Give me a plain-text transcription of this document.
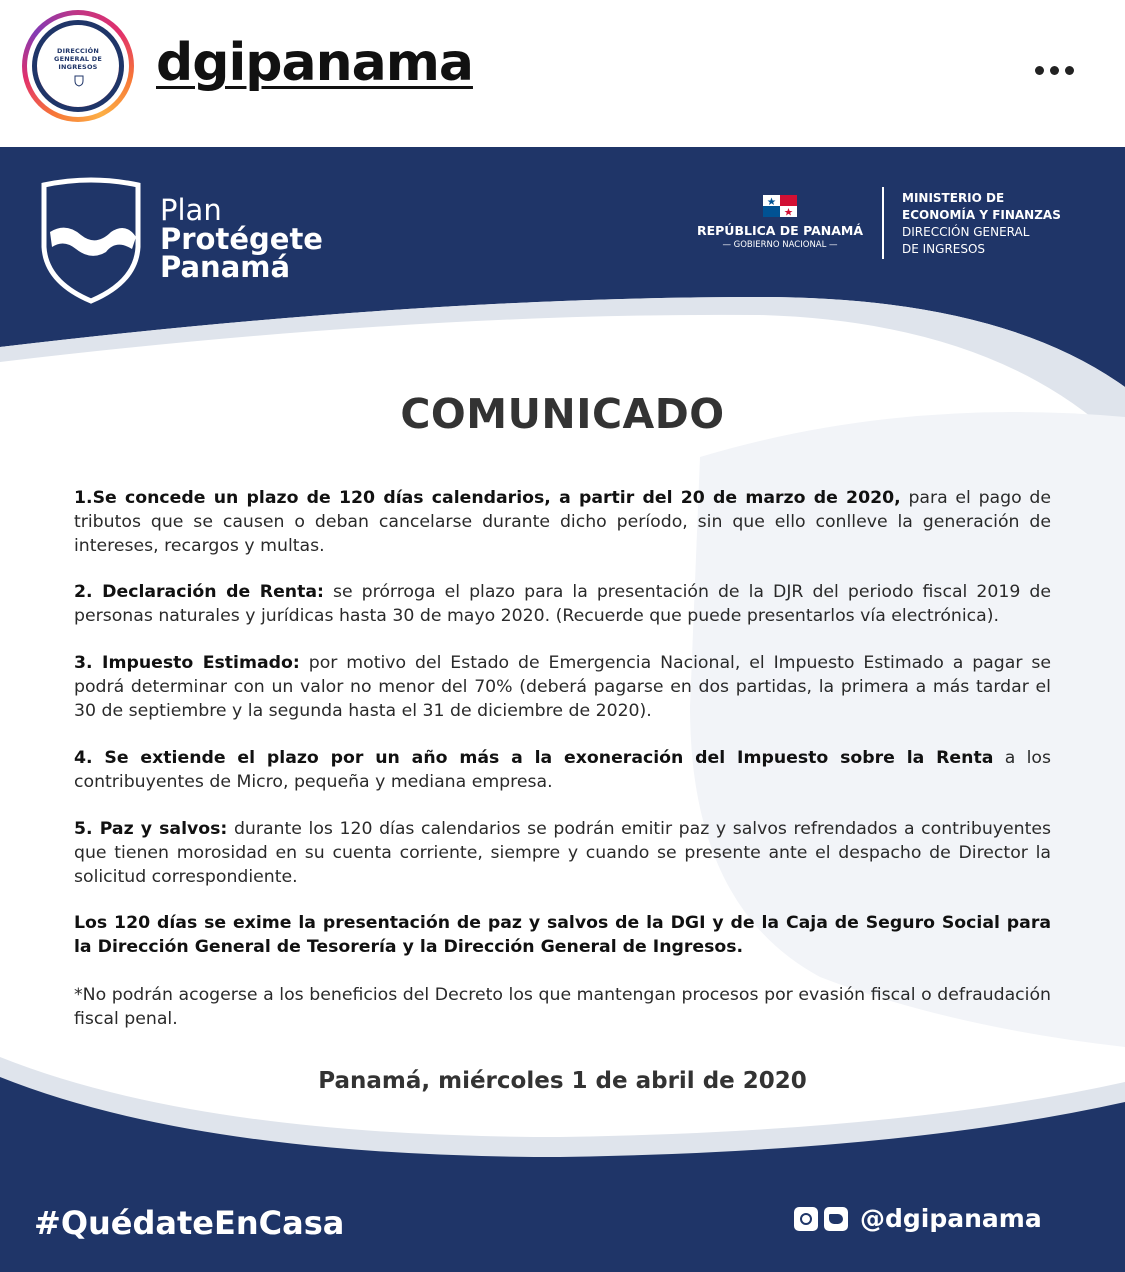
DIRECCIÓN
GENERAL DE
INGRESOS	dgipanama
Plan
Protégete
Panamá
REPÚBLICA DE PANAMÁ
— GOBIERNO NACIONAL —
MINISTERIO DE
ECONOMÍA Y FINANZAS
DIRECCIÓN GENERAL
DE INGRESOS
COMUNICADO
1.Se concede un plazo de 120 días calendarios, a partir del 20 de marzo de 2020, para el pago de tributos que se causen o deban cancelarse durante dicho período, sin que ello conlleve la generación de intereses, recargos y multas.
2. Declaración de Renta: se prórroga el plazo para la presentación de la DJR del periodo fiscal 2019 de personas naturales y jurídicas hasta 30 de mayo 2020. (Recuerde que puede presentarlos vía electrónica).
3. Impuesto Estimado: por motivo del Estado de Emergencia Nacional, el Impuesto Estimado a pagar se podrá determinar con un valor no menor del 70% (deberá pagarse en dos partidas, la primera a más tardar el 30 de septiembre y la segunda hasta el 31 de diciembre de 2020).
4. Se extiende el plazo por un año más a la exoneración del Impuesto sobre la Renta a los contribuyentes de Micro, pequeña y mediana empresa.
5. Paz y salvos: durante los 120 días calendarios se podrán emitir paz y salvos refrendados a contribuyentes que tienen morosidad en su cuenta corriente, siempre y cuando se presente ante el despacho de Director la solicitud correspondiente.
Los 120 días se exime la presentación de paz y salvos de la DGI y de la Caja de Seguro Social para la Dirección General de Tesorería y la Dirección General de Ingresos.
*No podrán acogerse a los beneficios del Decreto los que mantengan procesos por evasión fiscal o defraudación fiscal penal.
Panamá, miércoles 1 de abril de 2020
#QuédateEnCasa	@dgipanama
